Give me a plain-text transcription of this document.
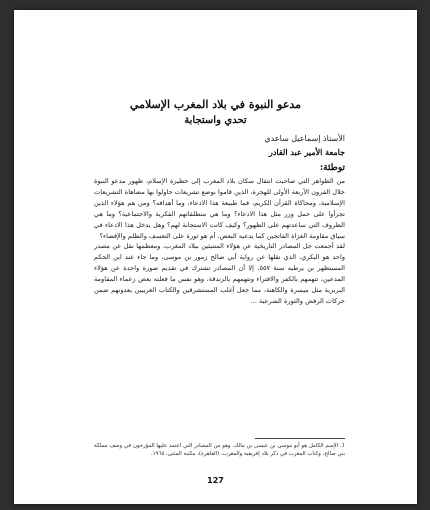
مدعو النبوة في بلاد المغرب الإسلامي
تحدي واستجابة
الأستاذ إسماعيل ساعدي
جامعة الأمير عبد القادر
توطئة:

من الظواهر التي صاحبت انتقال سكان بلاد المغرب إلى حظيرة الإسلام، ظهور مدعو النبوة خلال القرون الأربعة الأولى للهجرة، الذين قاموا بوضع تشريعات حاولوا بها مضاهاة التشريعات الإسلامية، ومحاكاة القرآن الكريم، فما طبيعة هذا الادعاء، وما أهدافه؟ ومن هم هؤلاء الذين تجرأوا على حمل وزر مثل هذا الادعاء؟ وما هي منطلقاتهم الفكرية والاجتماعية؟ وما هي الظروف التي ساعدتهم على الظهور؟ وكيف كانت الاستجابة لهم؟ وهل يدخل هذا الادعاء في سياق مقاومة الغزاة الفاتحين كما يدعيه البعض، أم هو ثورة على التعسف والظلم والإقصاء؟

لقد أجمعت جل المصادر التاريخية عن هؤلاء المتنبئين ببلاد المغرب، ومعظمها نقل عن مصدر واحد هو البكري، الذي نقلها عن رواية أبي صالح زمور بن موسى، وما جاء عند ابن الحكم المستظهر بن يرطيه سنة ٥٥٧، إلا أن المصادر تشترك في تقديم صورة واحدة عن هؤلاء المدعين، تتهمهم بالكفر والافتراء وتتهمهم بالزندقة، وهو نفس ما فعلته بعض زعماء المقاومة البربرية مثل ميسرة والكاهنة، مما جعل أغلب المستشرقين والكتاب الغربيين يعدونهم ضمن حركات الرفض والثورة الشرعية ...

1. الإسم الكامل هو أبو موسى بن عيسى بن مالك، وهو من المصادر التي اعتمد عليها المؤرخون في وصف مملكة بني صالح، وكتاب المغرب في ذكر بلاد إفريقية والمغرب، (القاهرة)، مكتبة المثنى، ١٩٦٥.

127
